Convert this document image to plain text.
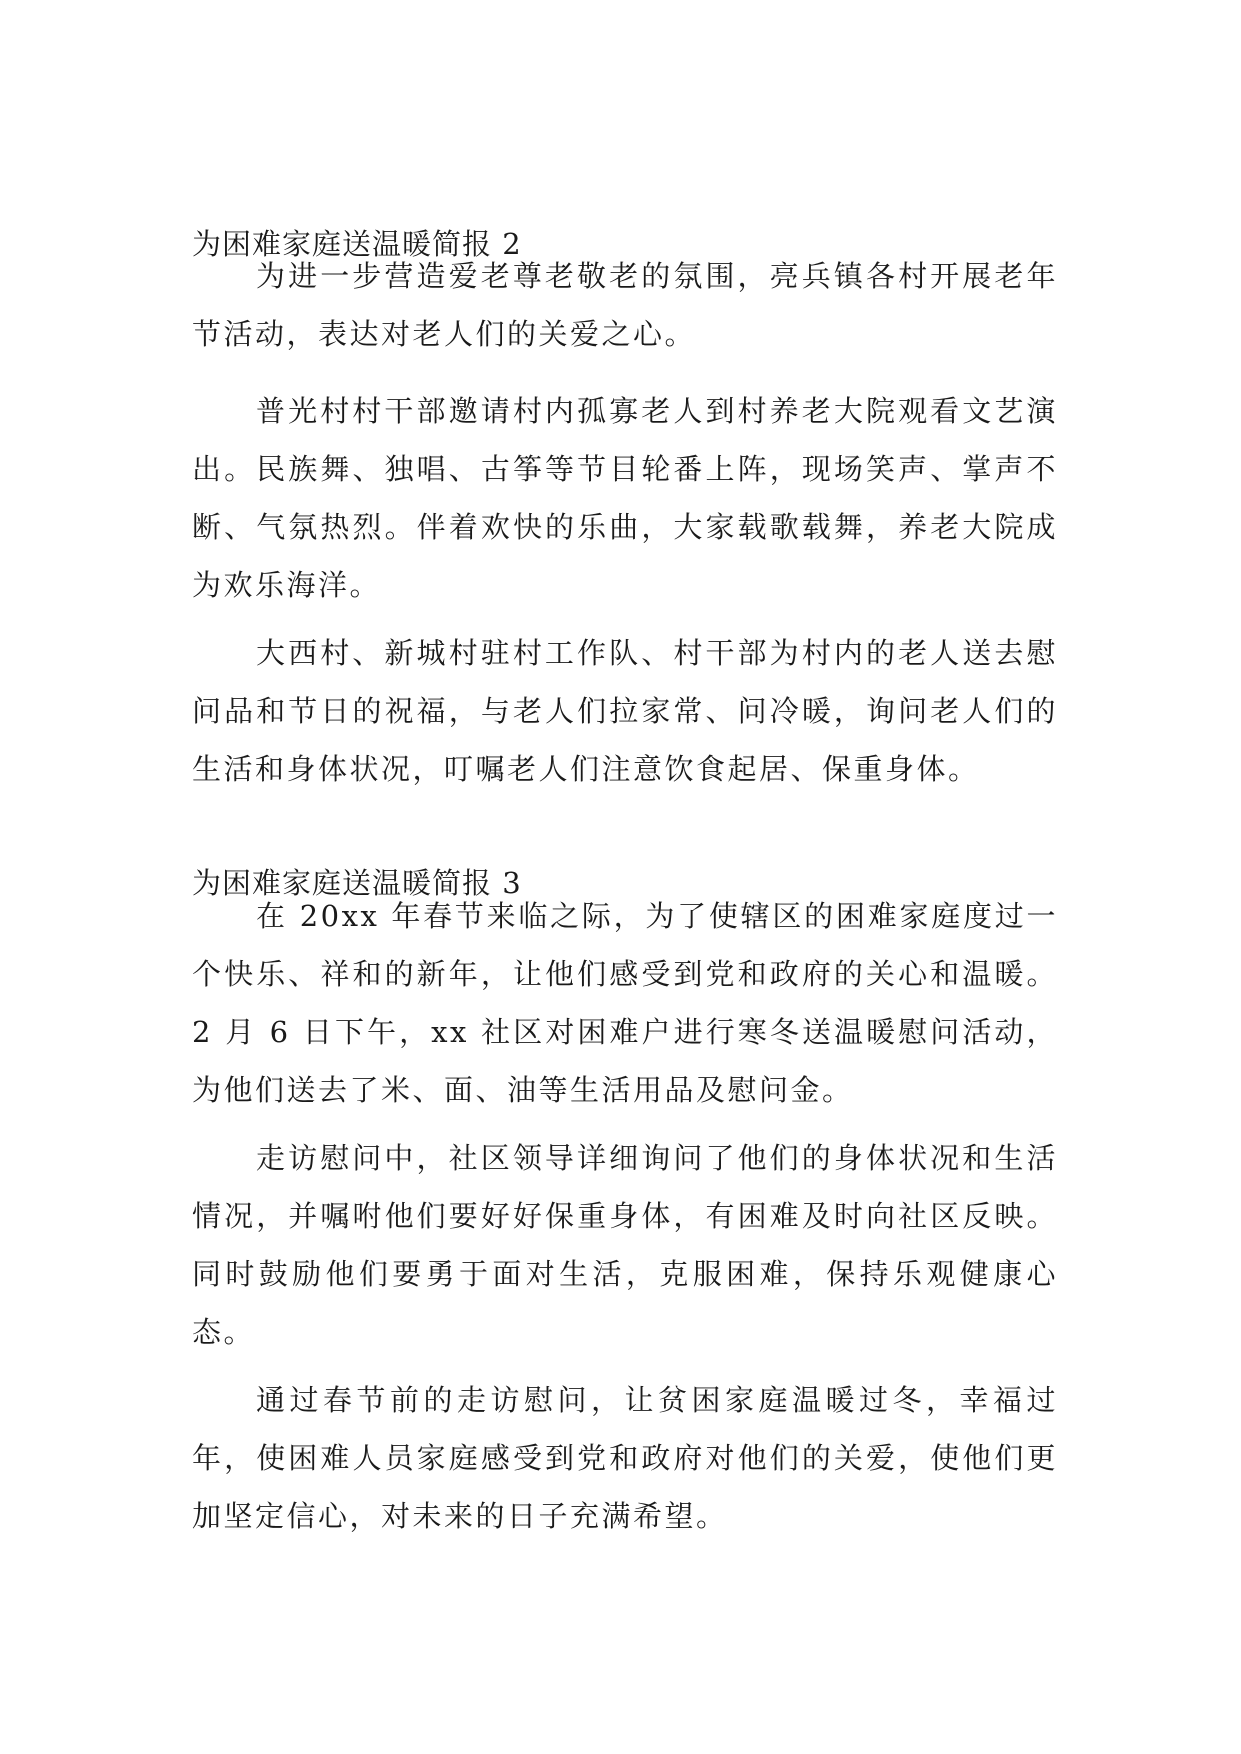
为困难家庭送温暖简报 2

为进一步营造爱老尊老敬老的氛围，亮兵镇各村开展老年节活动，表达对老人们的关爱之心。

普光村村干部邀请村内孤寡老人到村养老大院观看文艺演出。民族舞、独唱、古筝等节目轮番上阵，现场笑声、掌声不断、气氛热烈。伴着欢快的乐曲，大家载歌载舞，养老大院成为欢乐海洋。

大西村、新城村驻村工作队、村干部为村内的老人送去慰问品和节日的祝福，与老人们拉家常、问冷暖，询问老人们的生活和身体状况，叮嘱老人们注意饮食起居、保重身体。

为困难家庭送温暖简报 3

在 20xx 年春节来临之际，为了使辖区的困难家庭度过一个快乐、祥和的新年，让他们感受到党和政府的关心和温暖。2 月 6 日下午，xx 社区对困难户进行寒冬送温暖慰问活动，为他们送去了米、面、油等生活用品及慰问金。

走访慰问中，社区领导详细询问了他们的身体状况和生活情况，并嘱咐他们要好好保重身体，有困难及时向社区反映。同时鼓励他们要勇于面对生活，克服困难，保持乐观健康心态。

通过春节前的走访慰问，让贫困家庭温暖过冬，幸福过年，使困难人员家庭感受到党和政府对他们的关爱，使他们更加坚定信心，对未来的日子充满希望。
